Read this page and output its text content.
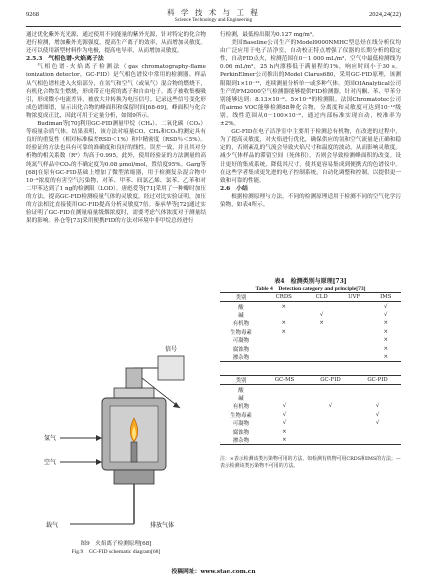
9268	科 学 技 术 与 工 程
Science Technology and Engineering
2024,24(22)

通过优化紫外光光源，通过使用不同能量的紫外光源，针对特定的化合物进行检测，增加紫外光源强度，提高生产离子的效率，从而增加灵敏度。还可以使用新型材料作为电极，提高电导率，从而增加灵敏度。

2.5.3　气相色谱-火焰离子法

气相色谱-火焰离子检测法（gas chromatography-flame ionization detector，GC-FID）是气相色谱仪中常用的检测器。样品从气相色谱柱进入火焰部分，在氢气和空气（或氧气）混合物的燃烧下，有机化合物发生燃烧，形成带正电荷的离子和自由电子。离子被收集极吸引，形成微小电流差异，被放大并转换为电压信号。记录这些信号变化形成色谱图谱，显示出化合物的峰面积和保留时间[68-69]。峰面积与化合物浓度成正比，因此可用于定量分析，如图9所示。

Budiman等[70]利用GC-FID测量甲烷（CH₄）、二氧化碳（CO₂）等痕量杂质气体，结果表明，该方法对痕量CO、CH₄和CO₂的测定具有良好的重复性（相对标准偏差RSD＜1%）和中精密度（RSD％＜5%）。经验证的方法也具有可靠的准确度和良好的线性，误差一致，并且其对分析物的相关系数（R²）均高于0.995。此外，使用经验证的方法测量的高纯氮气样品中CO₂的不确定度为0.08 μmol/mol，置信度95%。Garg等[68]在原有GC-FID基础上增加了微型浓缩器，用于检测复杂混合物中10⁻⁹浓度的有害空气污染物，对苯、甲苯、间氯乙烯、氯苯、乙苯和对二甲苯达到了1 ng的检测限（LOD）。唐彪爱等[71]采用了一种瓣时加压的方法，提高GC-FID检测痕量气体的灵敏度，经过对比实验证明，加压的方法相比直接使用GC-FID提高分析灵敏度7倍。秦承华等[72]通过实验证明了GC-FID在测量痕量级烟浓度时，需要考虑气体浓度对于测量结果的影响。孙仓等[73]采用便携FID的方法对环境中非甲烷总烃进行

信号
氢气
空气
载气	排放气体
图9　火焰离子检测原理[68]
Fig.9　GC-FID schematic diagram[68]

行检测，最低检出限为0.127 mg/m³。

美国Baseline公司生产的Model9000NMHC型总烃在线分析仪均由广泛应用于电子洁净室，自动校正特点增强了仪器的长期分析的稳定性，自动FID点火，检测范围在0－1 000 mL/m³，空气中最低检测线为0.06 mL/m³，25 h内漂移低于满量程的1%，响应时间小于30 s。PerkinElmer公司推出的Model Clarus680，采用GC-FID原理，该测限限到1×10⁻¹²，连续测量分析单一或多种气体。美国OIAnalytical公司生产的FM2000空气检测器能够提供FID检测器，针对丙酮、苯、甲苯分别能够达到：8.13×10⁻⁹、5×10⁻⁹的检测限。法国Chromatotec公司的airmo VOC能够检测88种化合物，分离度和灵敏度可达到10⁻¹²级别，线性范围从0－100×10⁻⁹，通过内部标准实现自动，校准率为±2%。

GC-FID在电子洁净室中主要用于检测总有机物，在改进的过程中，为了提高灵敏度，对火焰进行优化，确保供应的氢和空气流量是正确和稳定的，否则紊乱的气流会导致火焰尺寸和温度的波动，从而影响灵敏度。减少气体样品的滞留空间（死体积），否则会导致检测峰面积的改变。设计更好的集成系统，降低其尺寸，使其更容易集成到便携式的色谱仪中。在这些学者集成更先进的电子控制系统，自动化调整和控制，以提供更一致和可靠的性能。

2.6　小结

根据检测原理与方法，不同的检测原理适用于检测不同的空气化学污染物，如表4所示。

表4　检测类别与原理[73]
Table 4　Detection category and principle[73]
类别	CRDS	CLD	UVF	IMS
酸	×			√
碱		√		√
有机物	×	×		×
生物毒素	×			×
可凝物				×
腐蚀物				×
掺杂物				×
类别	GC-MS	GC-FID	GC-PID
酸			
碱			
有机物	√	√	√
生物毒素	√		√
可凝物	√		√
腐蚀物	×		
掺杂物	×		
注：×表示检测该类污染物可用的方法，如检测有机物可用CRDS和IMS的方法；—表示检测该类污染物不可用的方法。
投稿网址：www.stae.com.cn
